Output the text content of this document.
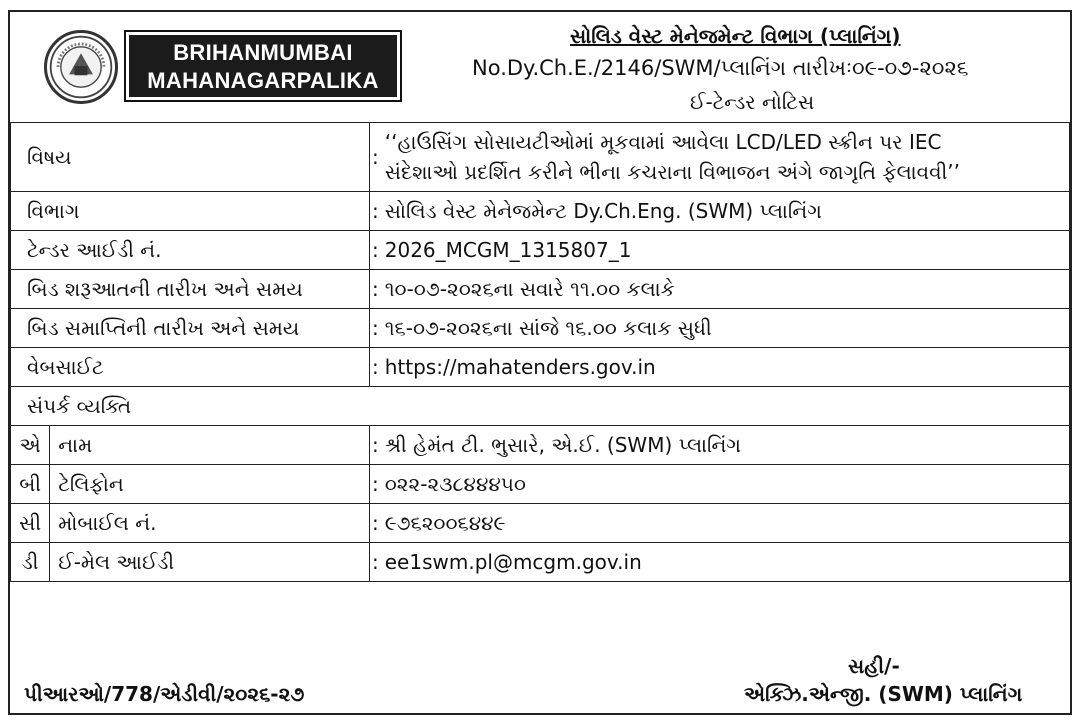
BRIHANMUMBAI
MAHANAGARPALIKA
સોલિડ વેસ્ટ મેનેજમેન્ટ વિભાગ (પ્લાનિંગ)
No.Dy.Ch.E./2146/SWM/પ્લાનિંગ તારીખઃ૦૯-૦૭-૨૦૨૬
ઈ-ટેન્ડર નોટિસ
વિષય		:	‘‘હાઉસિંગ સોસાયટીઓમાં મૂકવામાં આવેલા LCD/LED સ્ક્રીન પર IEC
સંદેશાઓ પ્રદર્શિત કરીને ભીના કચરાના વિભાજન અંગે જાગૃતિ ફેલાવવી’’

વિભાગ		:	સોલિડ વેસ્ટ મેનેજમેન્ટ Dy.Ch.Eng. (SWM) પ્લાનિંગ
ટેન્ડર આઈડી નં.		:	2026_MCGM_1315807_1
બિડ શરૂઆતની તારીખ અને સમય		:	૧૦-૦૭-૨૦૨૬ના સવારે ૧૧.૦૦ કલાકે
બિડ સમાપ્તિની તારીખ અને સમય		:	૧૬-૦૭-૨૦૨૬ના સાંજે ૧૬.૦૦ કલાક સુધી
વેબસાઈટ		:	https://mahatenders.gov.in
સંપર્ક વ્યક્તિ			
એ	નામ	:	શ્રી હેમંત ટી. ભુસારે, એ.ઈ. (SWM) પ્લાનિંગ
બી	ટેલિફોન	:	૦૨૨-૨૩૮૪૪૪૫૦
સી	મોબાઈલ નં.	:	૯૭૬૨૦૦૬૪૪૯
ડી	ઈ-મેલ આઈડી	:	ee1swm.pl@mcgm.gov.in
પીઆરઓ/778/એડીવી/૨૦૨૬-૨૭
સહી/-
એક્ઝિ.એન્જી. (SWM) પ્લાનિંગ
